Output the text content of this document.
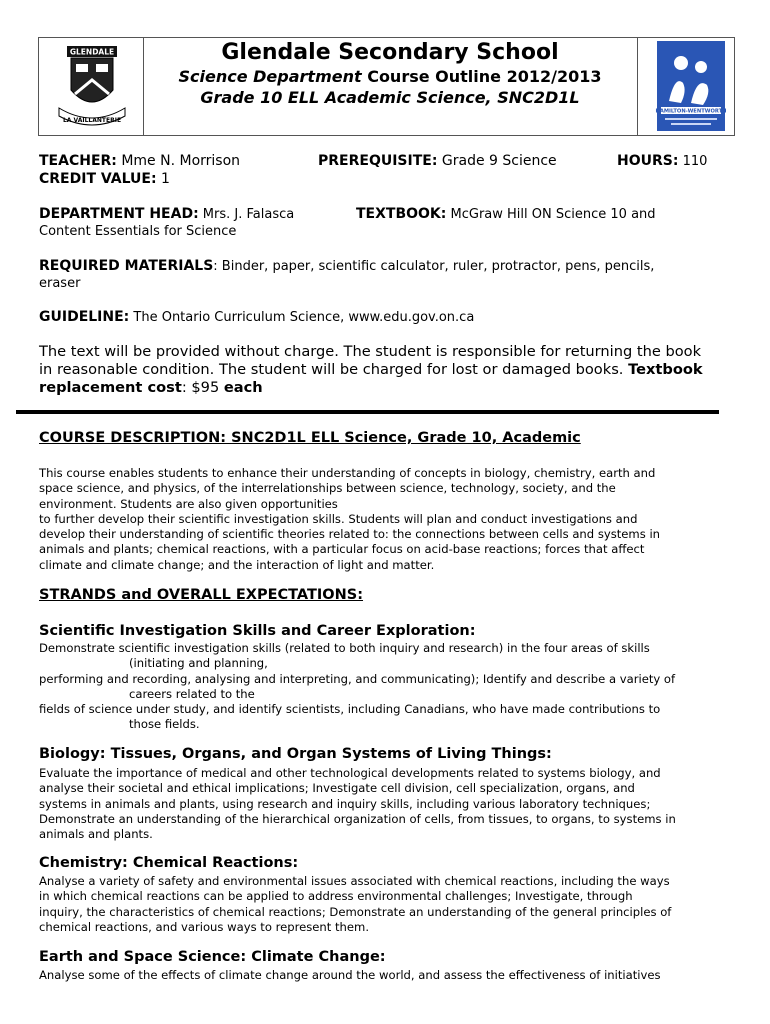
GLENDALE
LA VAILLANTERIE
Glendale Secondary School
Science Department Course Outline 2012/2013
Grade 10 ELL Academic Science, SNC2D1L
HAMILTON-WENTWORTH
TEACHER: Mme N. Morrison	PREREQUISITE: Grade 9 Science	HOURS: 110
CREDIT VALUE: 1
DEPARTMENT HEAD: Mrs. J. Falasca	TEXTBOOK: McGraw Hill ON Science 10 and
Content Essentials for Science
REQUIRED MATERIALS: Binder, paper, scientific calculator, ruler, protractor, pens, pencils,
eraser
GUIDELINE: The Ontario Curriculum Science, www.edu.gov.on.ca
The text will be provided without charge. The student is responsible for returning the book
in reasonable condition. The student will be charged for lost or damaged books. Textbook
replacement cost: $95 each
COURSE DESCRIPTION: SNC2D1L ELL Science, Grade 10, Academic
This course enables students to enhance their understanding of concepts in biology, chemistry, earth and
space science, and physics, of the interrelationships between science, technology, society, and the
environment. Students are also given opportunities
to further develop their scientific investigation skills. Students will plan and conduct investigations and
develop their understanding of scientific theories related to: the connections between cells and systems in
animals and plants; chemical reactions, with a particular focus on acid-base reactions; forces that affect
climate and climate change; and the interaction of light and matter.
STRANDS and OVERALL EXPECTATIONS:
Scientific Investigation Skills and Career Exploration:
Demonstrate scientific investigation skills (related to both inquiry and research) in the four areas of skills
(initiating and planning,
performing and recording, analysing and interpreting, and communicating); Identify and describe a variety of
careers related to the
fields of science under study, and identify scientists, including Canadians, who have made contributions to
those fields.
Biology: Tissues, Organs, and Organ Systems of Living Things:
Evaluate the importance of medical and other technological developments related to systems biology, and
analyse their societal and ethical implications; Investigate cell division, cell specialization, organs, and
systems in animals and plants, using research and inquiry skills, including various laboratory techniques;
Demonstrate an understanding of the hierarchical organization of cells, from tissues, to organs, to systems in
animals and plants.
Chemistry: Chemical Reactions:
Analyse a variety of safety and environmental issues associated with chemical reactions, including the ways
in which chemical reactions can be applied to address environmental challenges; Investigate, through
inquiry, the characteristics of chemical reactions; Demonstrate an understanding of the general principles of
chemical reactions, and various ways to represent them.
Earth and Space Science: Climate Change:
Analyse some of the effects of climate change around the world, and assess the effectiveness of initiatives
